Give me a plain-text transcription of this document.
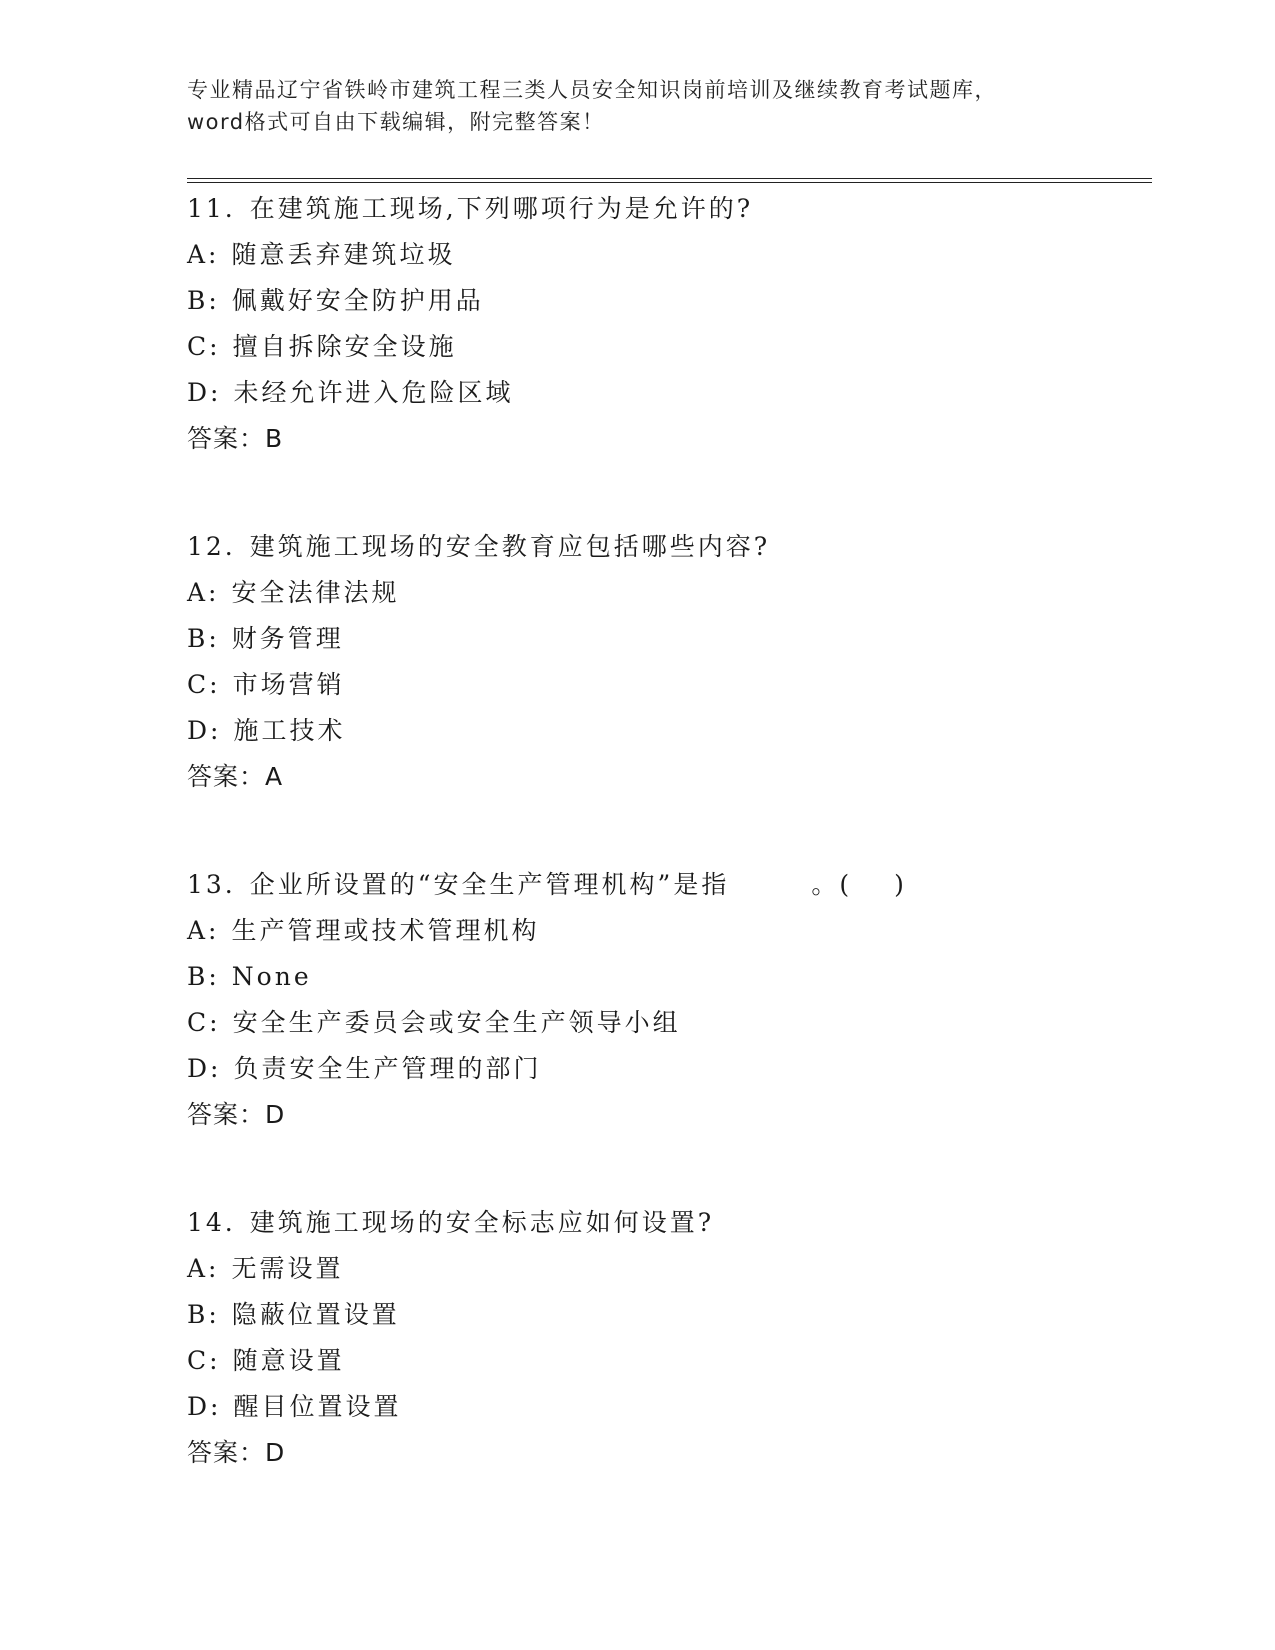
专业精品辽宁省铁岭市建筑工程三类人员安全知识岗前培训及继续教育考试题库，
word格式可自由下载编辑，附完整答案！
11. 在建筑施工现场,下列哪项行为是允许的?
A: 随意丢弃建筑垃圾
B: 佩戴好安全防护用品
C: 擅自拆除安全设施
D: 未经允许进入危险区域
答案：B
12. 建筑施工现场的安全教育应包括哪些内容?
A: 安全法律法规
B: 财务管理
C: 市场营销
D: 施工技术
答案：A
13. 企业所设置的“安全生产管理机构”是指	。( )
A: 生产管理或技术管理机构
B: None
C: 安全生产委员会或安全生产领导小组
D: 负责安全生产管理的部门
答案：D
14. 建筑施工现场的安全标志应如何设置?
A: 无需设置
B: 隐蔽位置设置
C: 随意设置
D: 醒目位置设置
答案：D
